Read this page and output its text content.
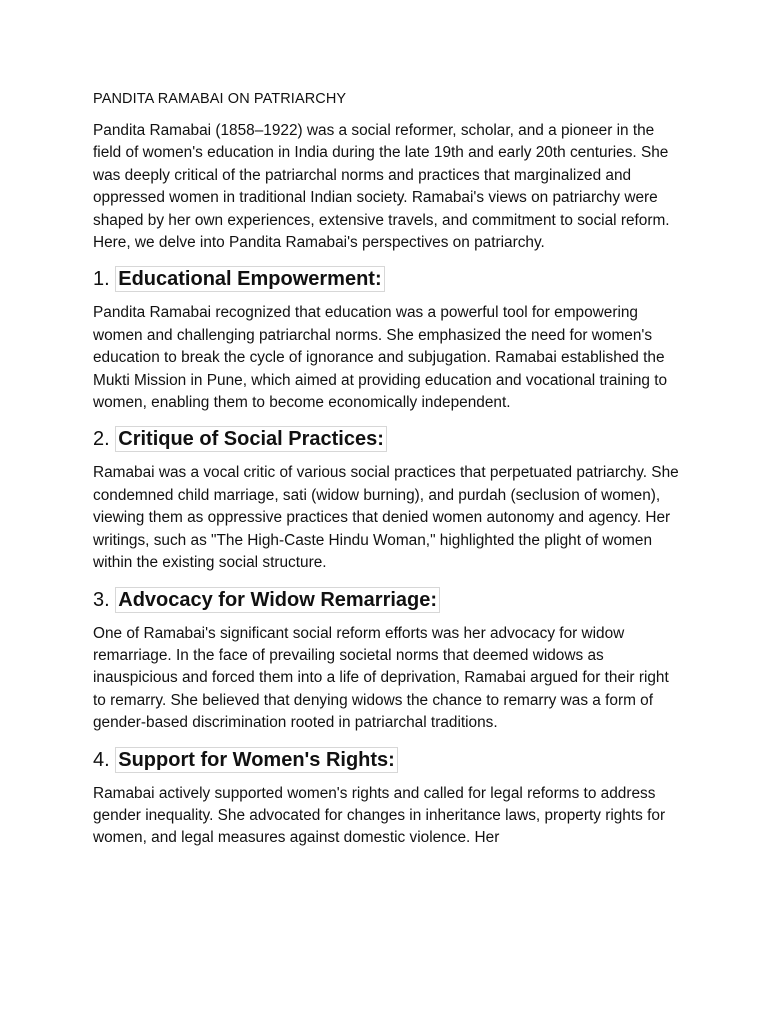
PANDITA RAMABAI ON PATRIARCHY

Pandita Ramabai (1858–1922) was a social reformer, scholar, and a pioneer in the field of women's education in India during the late 19th and early 20th centuries. She was deeply critical of the patriarchal norms and practices that marginalized and oppressed women in traditional Indian society. Ramabai's views on patriarchy were shaped by her own experiences, extensive travels, and commitment to social reform. Here, we delve into Pandita Ramabai's perspectives on patriarchy.

1. Educational Empowerment:

Pandita Ramabai recognized that education was a powerful tool for empowering women and challenging patriarchal norms. She emphasized the need for women's education to break the cycle of ignorance and subjugation. Ramabai established the Mukti Mission in Pune, which aimed at providing education and vocational training to women, enabling them to become economically independent.

2. Critique of Social Practices:

Ramabai was a vocal critic of various social practices that perpetuated patriarchy. She condemned child marriage, sati (widow burning), and purdah (seclusion of women), viewing them as oppressive practices that denied women autonomy and agency. Her writings, such as "The High-Caste Hindu Woman," highlighted the plight of women within the existing social structure.

3. Advocacy for Widow Remarriage:

One of Ramabai's significant social reform efforts was her advocacy for widow remarriage. In the face of prevailing societal norms that deemed widows as inauspicious and forced them into a life of deprivation, Ramabai argued for their right to remarry. She believed that denying widows the chance to remarry was a form of gender-based discrimination rooted in patriarchal traditions.

4. Support for Women's Rights:

Ramabai actively supported women's rights and called for legal reforms to address gender inequality. She advocated for changes in inheritance laws, property rights for women, and legal measures against domestic violence. Her
